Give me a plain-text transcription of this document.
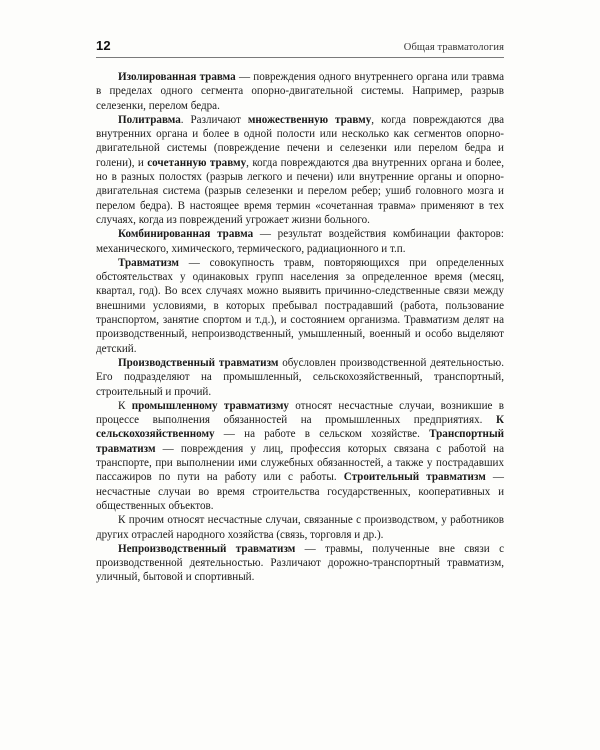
12	Общая травматология

Изолированная травма — повреждения одного внутреннего органа или травма в пределах одного сегмента опорно-двигательной системы. Например, разрыв селезенки, перелом бедра.

Политравма. Различают множественную травму, когда повреждаются два внутренних органа и более в одной полости или несколько как сегментов опорно-двигательной системы (повреждение печени и селезенки или перелом бедра и голени), и сочетанную травму, когда повреждаются два внутренних органа и более, но в разных полостях (разрыв легкого и печени) или внутренние органы и опорно-двигательная система (разрыв селезенки и перелом ребер; ушиб головного мозга и перелом бедра). В настоящее время термин «сочетанная травма» применяют в тех случаях, когда из повреждений угрожает жизни больного.

Комбинированная травма — результат воздействия комбинации факторов: механического, химического, термического, радиационного и т.п.

Травматизм — совокупность травм, повторяющихся при определенных обстоятельствах у одинаковых групп населения за определенное время (месяц, квартал, год). Во всех случаях можно выявить причинно-следственные связи между внешними условиями, в которых пребывал пострадавший (работа, пользование транспортом, занятие спортом и т.д.), и состоянием организма. Травматизм делят на производственный, непроизводственный, умышленный, военный и особо выделяют детский.

Производственный травматизм обусловлен производственной деятельностью. Его подразделяют на промышленный, сельскохозяйственный, транспортный, строительный и прочий.

К промышленному травматизму относят несчастные случаи, возникшие в процессе выполнения обязанностей на промышленных предприятиях. К сельскохозяйственному — на работе в сельском хозяйстве. Транспортный травматизм — повреждения у лиц, профессия которых связана с работой на транспорте, при выполнении ими служебных обязанностей, а также у пострадавших пассажиров по пути на работу или с работы. Строительный травматизм — несчастные случаи во время строительства государственных, кооперативных и общественных объектов.

К прочим относят несчастные случаи, связанные с производством, у работников других отраслей народного хозяйства (связь, торговля и др.).

Непроизводственный травматизм — травмы, полученные вне связи с производственной деятельностью. Различают дорожно-транспортный травматизм, уличный, бытовой и спортивный.
